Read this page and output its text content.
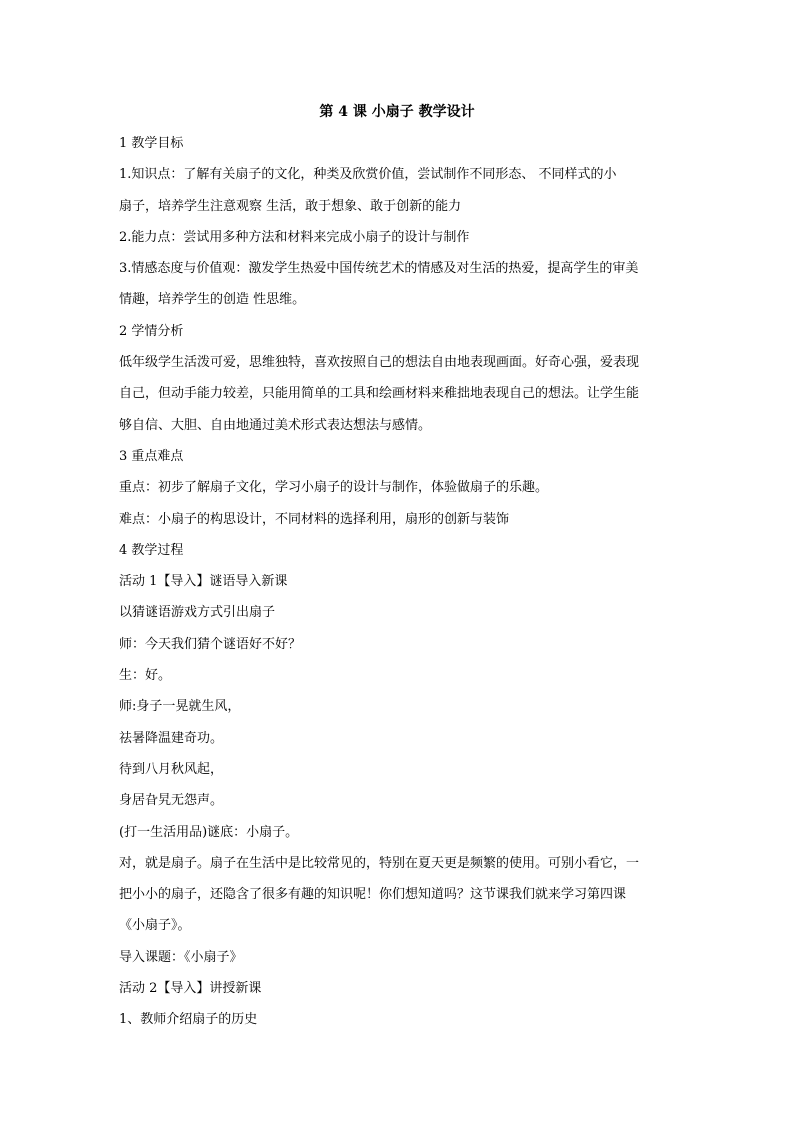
第 4 课 小扇子 教学设计
1 教学目标
1.知识点：了解有关扇子的文化，种类及欣赏价值，尝试制作不同形态、 不同样式的小
扇子，培养学生注意观察 生活，敢于想象、敢于创新的能力
2.能力点：尝试用多种方法和材料来完成小扇子的设计与制作
3.情感态度与价值观：激发学生热爱中国传统艺术的情感及对生活的热爱，提高学生的审美
情趣，培养学生的创造 性思维。
2 学情分析
低年级学生活泼可爱，思维独特，喜欢按照自己的想法自由地表现画面。好奇心强，爱表现
自己，但动手能力较差，只能用简单的工具和绘画材料来稚拙地表现自己的想法。让学生能
够自信、大胆、自由地通过美术形式表达想法与感情。
3 重点难点
重点：初步了解扇子文化，学习小扇子的设计与制作，体验做扇子的乐趣。
难点：小扇子的构思设计，不同材料的选择利用，扇形的创新与装饰
4 教学过程
活动 1【导入】谜语导入新课
以猜谜语游戏方式引出扇子
师：今天我们猜个谜语好不好？
生：好。
师:身子一晃就生风，
祛暑降温建奇功。
待到八月秋风起，
身居旮旯无怨声。
(打一生活用品)谜底：小扇子。
对，就是扇子。扇子在生活中是比较常见的，特别在夏天更是频繁的使用。可别小看它，一
把小小的扇子，还隐含了很多有趣的知识呢！你们想知道吗？这节课我们就来学习第四课
《小扇子》。
导入课题：《小扇子》
活动 2【导入】讲授新课
1、教师介绍扇子的历史
